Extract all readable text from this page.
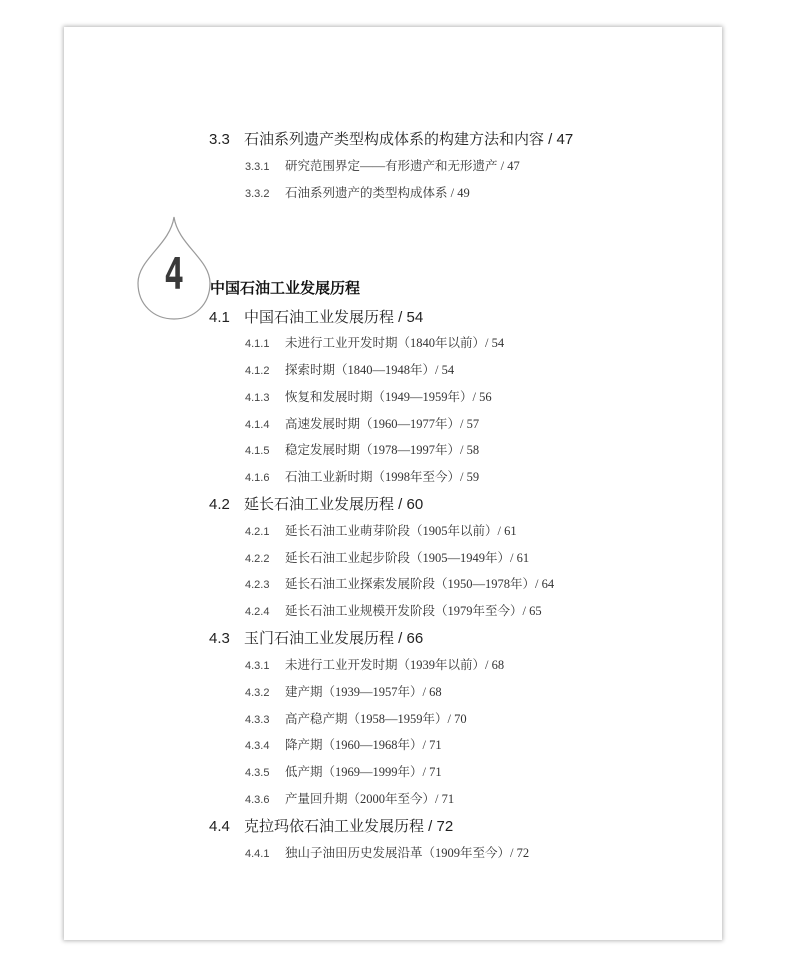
3.3 石油系列遗产类型构成体系的构建方法和内容 / 47
3.3.1 研究范围界定——有形遗产和无形遗产 / 47
3.3.2 石油系列遗产的类型构成体系 / 49
4	中国石油工业发展历程
4.1 中国石油工业发展历程 / 54
4.1.1 未进行工业开发时期（1840年以前）/ 54
4.1.2 探索时期（1840—1948年）/ 54
4.1.3 恢复和发展时期（1949—1959年）/ 56
4.1.4 高速发展时期（1960—1977年）/ 57
4.1.5 稳定发展时期（1978—1997年）/ 58
4.1.6 石油工业新时期（1998年至今）/ 59
4.2 延长石油工业发展历程 / 60
4.2.1 延长石油工业萌芽阶段（1905年以前）/ 61
4.2.2 延长石油工业起步阶段（1905—1949年）/ 61
4.2.3 延长石油工业探索发展阶段（1950—1978年）/ 64
4.2.4 延长石油工业规模开发阶段（1979年至今）/ 65
4.3 玉门石油工业发展历程 / 66
4.3.1 未进行工业开发时期（1939年以前）/ 68
4.3.2 建产期（1939—1957年）/ 68
4.3.3 高产稳产期（1958—1959年）/ 70
4.3.4 降产期（1960—1968年）/ 71
4.3.5 低产期（1969—1999年）/ 71
4.3.6 产量回升期（2000年至今）/ 71
4.4 克拉玛依石油工业发展历程 / 72
4.4.1 独山子油田历史发展沿革（1909年至今）/ 72
